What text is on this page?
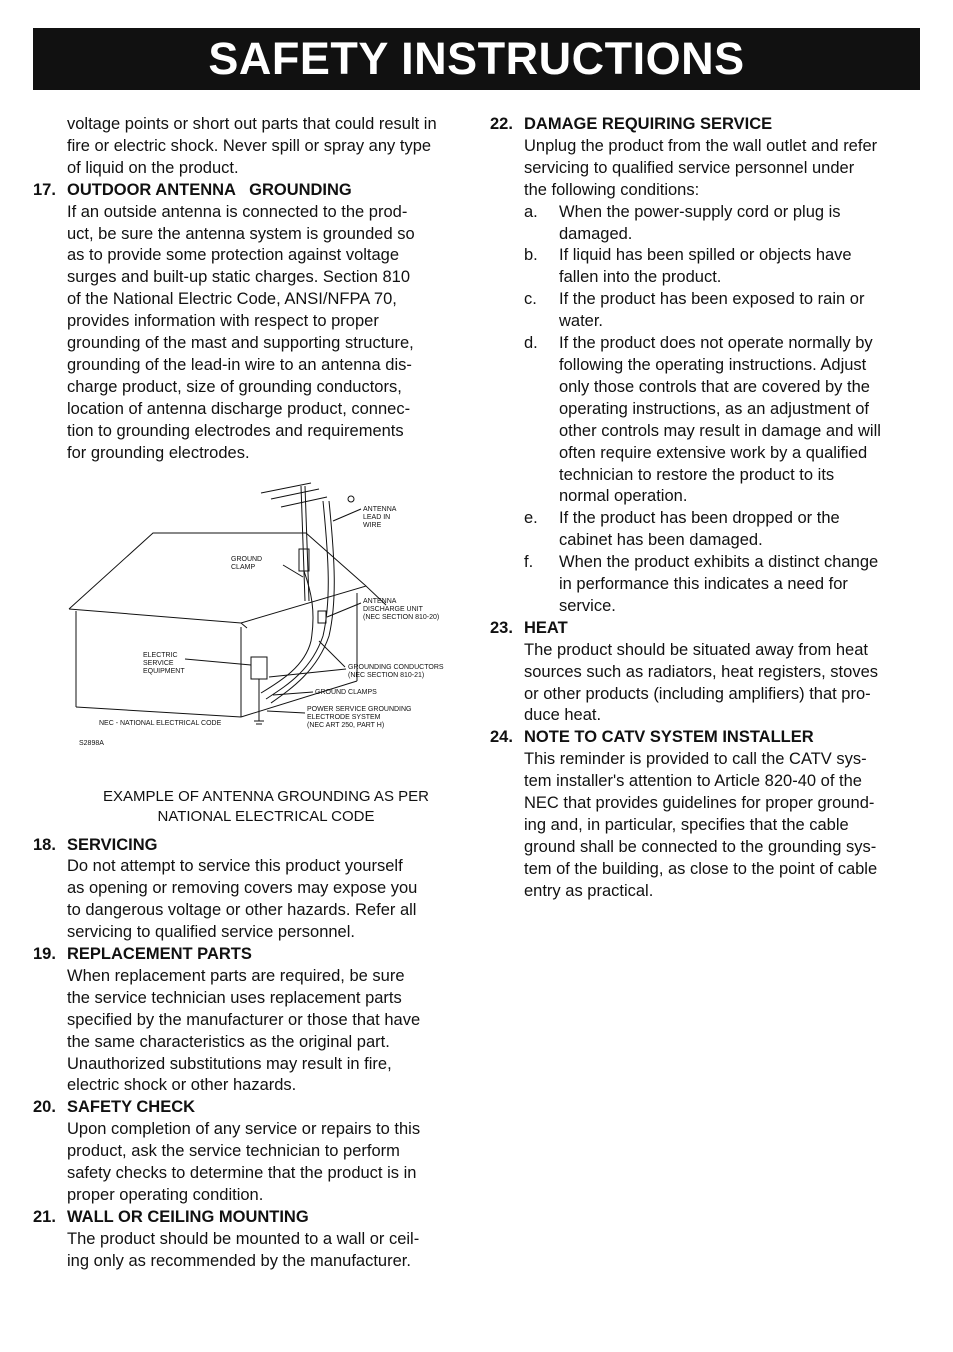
SAFETY INSTRUCTIONS
voltage points or short out parts that could result in
fire or electric shock. Never spill or spray any type
of liquid on the product.
17. OUTDOOR ANTENNA   GROUNDING
If an outside antenna is connected to the prod-
uct, be sure the antenna system is grounded so
as to provide some protection against voltage
surges and built-up static charges. Section 810
of the National Electric Code, ANSI/NFPA 70,
provides information with respect to proper
grounding of the mast and supporting structure,
grounding of the lead-in wire to an antenna dis-
charge product, size of grounding conductors,
location of antenna discharge product, connec-
tion to grounding electrodes and requirements
for grounding electrodes.
ANTENNA LEAD IN WIRE
GROUND CLAMP
ANTENNA DISCHARGE UNIT (NEC SECTION 810-20)
ELECTRIC SERVICE EQUIPMENT
GROUNDING CONDUCTORS (NEC SECTION 810-21)
GROUND CLAMPS
POWER SERVICE GROUNDING ELECTRODE SYSTEM (NEC ART 250, PART H)
NEC - NATIONAL ELECTRICAL CODE
S2898A
EXAMPLE OF ANTENNA GROUNDING AS PER
NATIONAL ELECTRICAL CODE
18. SERVICING
Do not attempt to service this product yourself
as opening or removing covers may expose you
to dangerous voltage or other hazards. Refer all
servicing to qualified service personnel.
19. REPLACEMENT PARTS
When replacement parts are required, be sure
the service technician uses replacement parts
specified by the manufacturer or those that have
the same characteristics as the original part.
Unauthorized substitutions may result in fire,
electric shock or other hazards.
20. SAFETY CHECK
Upon completion of any service or repairs to this
product, ask the service technician to perform
safety checks to determine that the product is in
proper operating condition.
21. WALL OR CEILING MOUNTING
The product should be mounted to a wall or ceil-
ing only as recommended by the manufacturer.
22. DAMAGE REQUIRING SERVICE
Unplug the product from the wall outlet and refer
servicing to qualified service personnel under
the following conditions:
a.	When the power-supply cord or plug is
damaged.
b.	If liquid has been spilled or objects have
fallen into the product.
c.	If the product has been exposed to rain or
water.
d.	If the product does not operate normally by
following the operating instructions. Adjust
only those controls that are covered by the
operating instructions, as an adjustment of
other controls may result in damage and will
often require extensive work by a qualified
technician to restore the product to its
normal operation.
e.	If the product has been dropped or the
cabinet has been damaged.
f.	When the product exhibits a distinct change
in performance this indicates a need for
service.
23. HEAT
The product should be situated away from heat
sources such as radiators, heat registers, stoves
or other products (including amplifiers) that pro-
duce heat.
24. NOTE TO CATV SYSTEM INSTALLER
This reminder is provided to call the CATV sys-
tem installer's attention to Article 820-40 of the
NEC that provides guidelines for proper ground-
ing and, in particular, specifies that the cable
ground shall be connected to the grounding sys-
tem of the building, as close to the point of cable
entry as practical.
